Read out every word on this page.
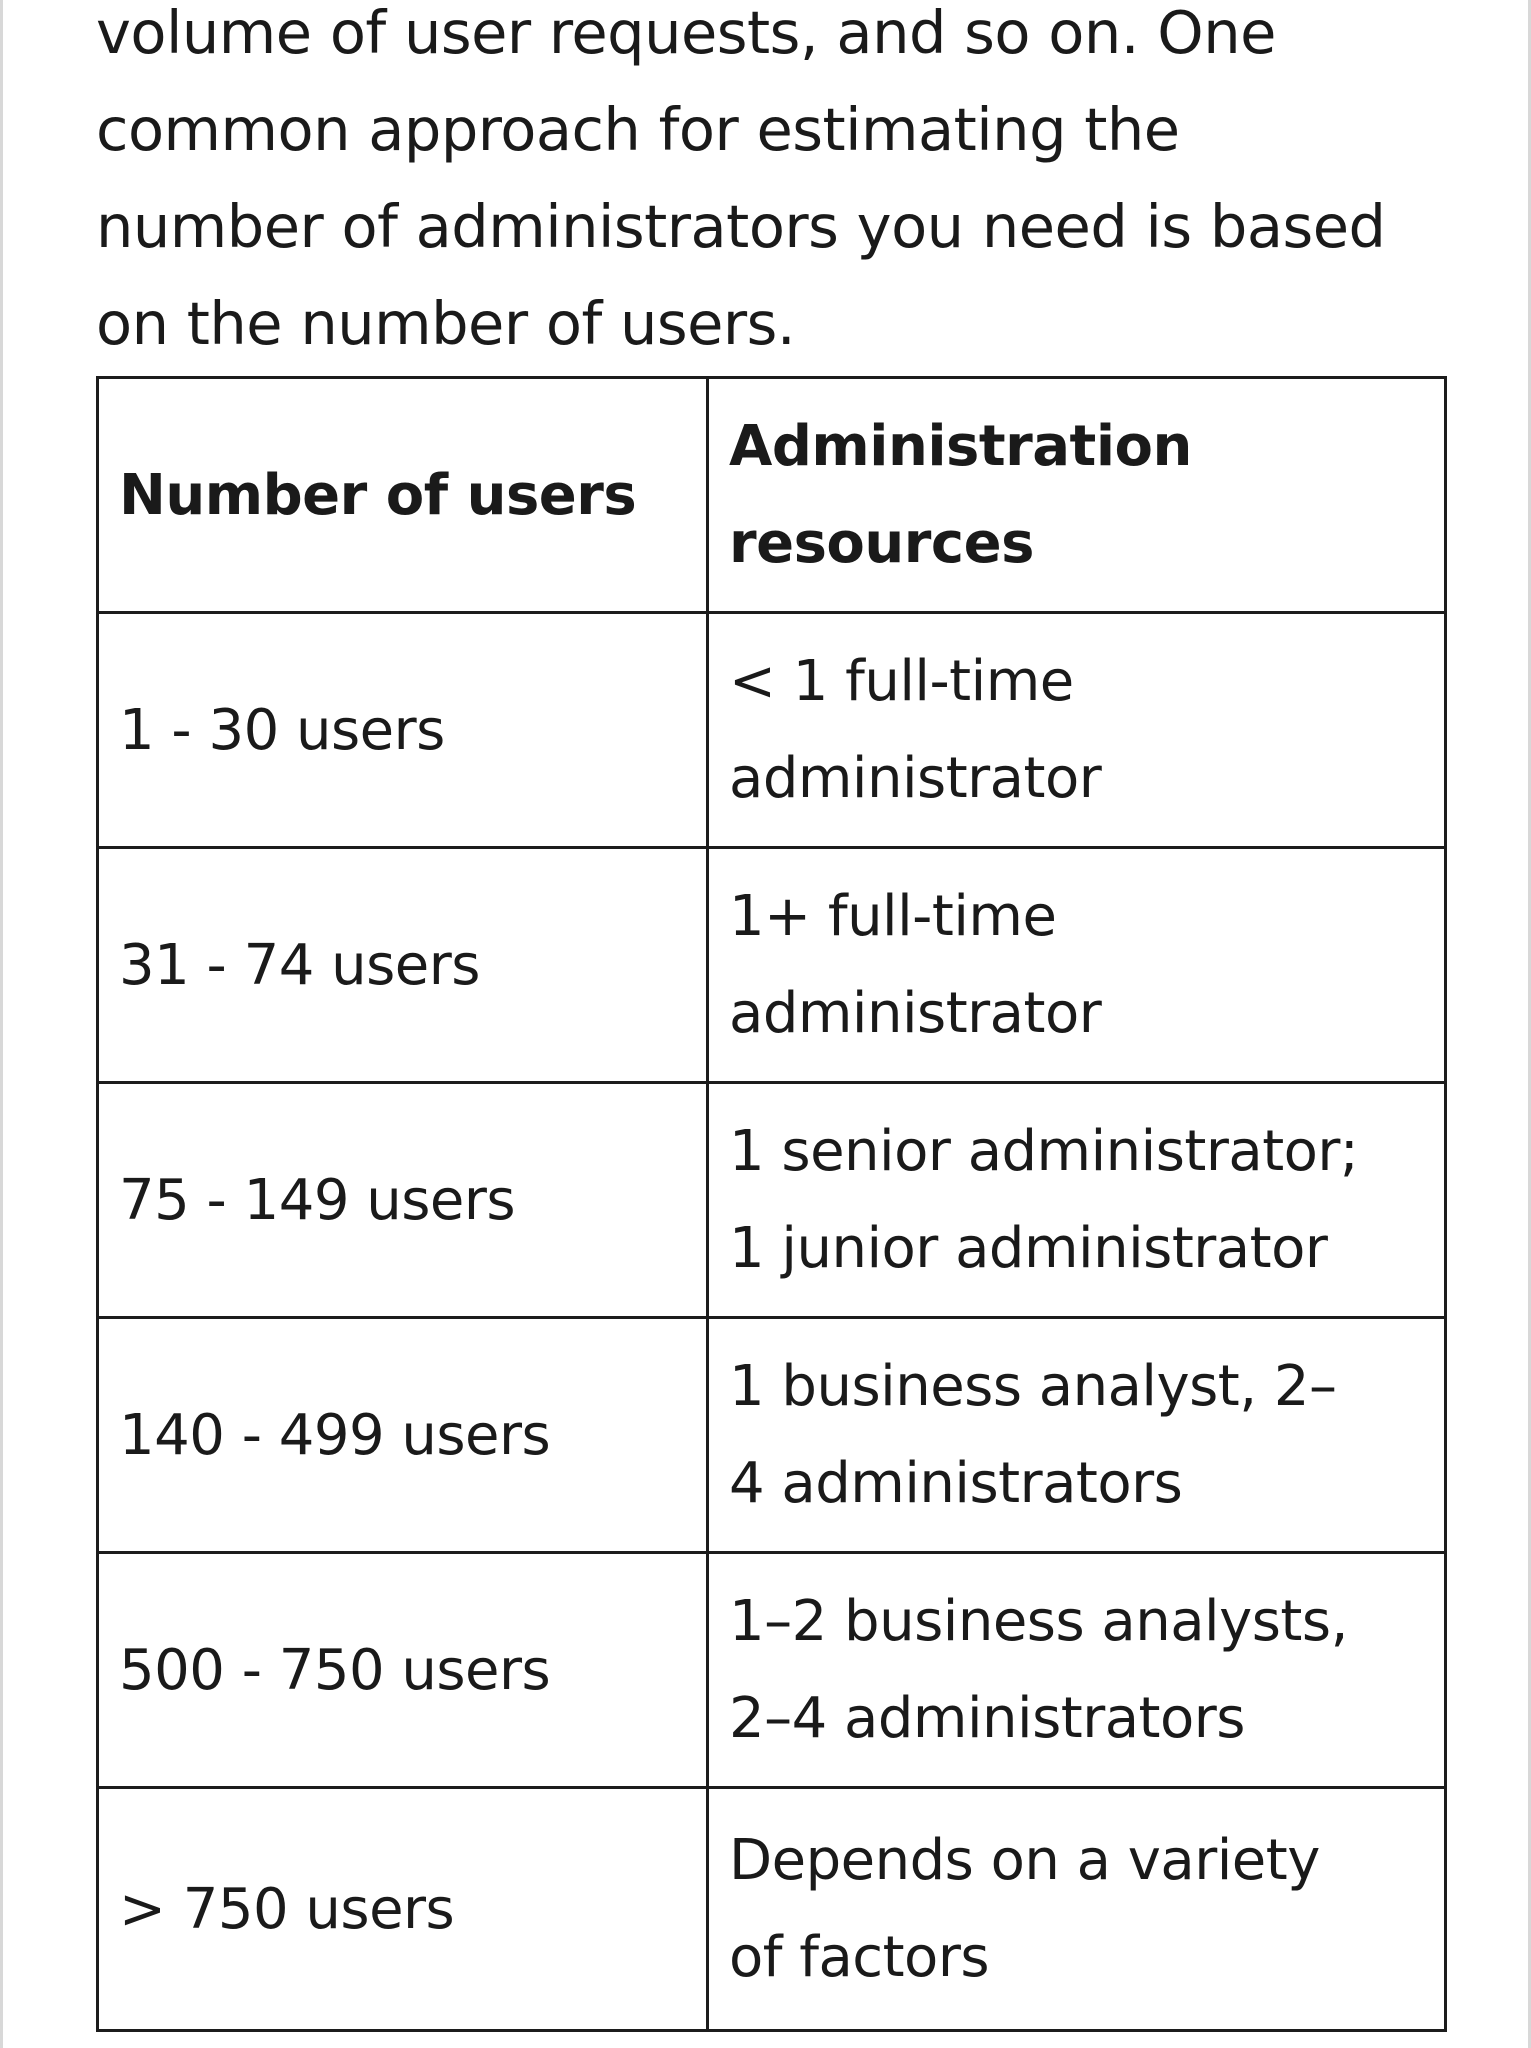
volume of user requests, and so on. One
common approach for estimating the
number of administrators you need is based
on the number of users.

Number of users	Administration
resources
1 - 30 users	< 1 full-time
administrator
31 - 74 users	1+ full-time
administrator
75 - 149 users	1 senior administrator;
1 junior administrator
140 - 499 users	1 business analyst, 2–
4 administrators
500 - 750 users	1–2 business analysts,
2–4 administrators
> 750 users	Depends on a variety
of factors
